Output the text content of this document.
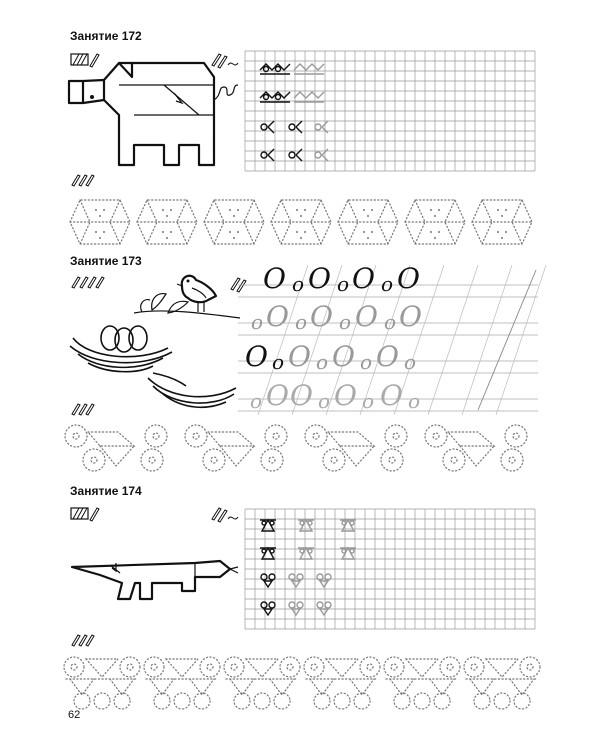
Занятие 172
Занятие 173
O o O o O o O
o O o O o O o O
O o O o O o O o
o O O o O o O o
Занятие 174
62
